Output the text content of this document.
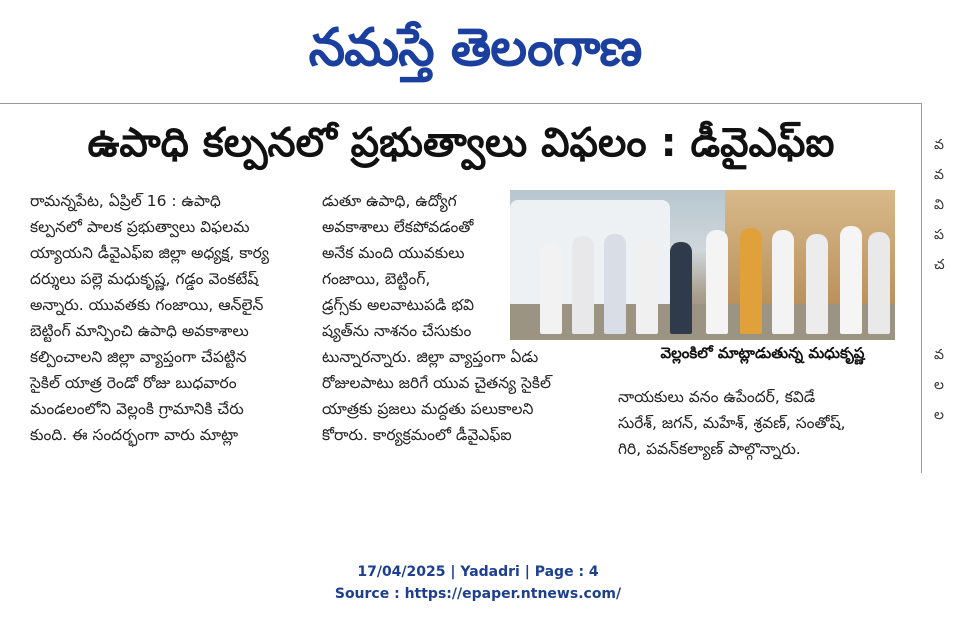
నమస్తే తెలంగాణ
ఉపాధి కల్పనలో ప్రభుత్వాలు విఫలం : డీవైఎఫ్ఐ
రామన్నపేట, ఏప్రిల్ 16 : ఉపాధి
కల్పనలో పాలక ప్రభుత్వాలు విఫలమ
య్యాయని డీవైఎఫ్ఐ జిల్లా అధ్యక్ష, కార్య
దర్శులు పల్లె మధుకృష్ణ, గడ్డం వెంకటేష్
అన్నారు. యువతకు గంజాయి, ఆన్‌లైన్
బెట్టింగ్ మాన్పించి ఉపాధి అవకాశాలు
కల్పించాలని జిల్లా వ్యాప్తంగా చేపట్టిన
సైకిల్ యాత్ర రెండో రోజు బుధవారం
మండలంలోని వెల్లంకి గ్రామానికి చేరు
కుంది. ఈ సందర్భంగా వారు మాట్లా
డుతూ ఉపాధి, ఉద్యోగ
అవకాశాలు లేకపోవడంతో
అనేక మంది యువకులు
గంజాయి, బెట్టింగ్,
డ్రగ్స్‌కు అలవాటుపడి భవి
ష్యత్‌ను నాశనం చేసుకుం
టున్నారన్నారు. జిల్లా వ్యాప్తంగా ఏడు
రోజులపాటు జరిగే యువ చైతన్య సైకిల్
యాత్రకు ప్రజలు మద్దతు పలుకాలని
కోరారు. కార్యక్రమంలో డీవైఎఫ్ఐ
వెల్లంకిలో మాట్లాడుతున్న మధుకృష్ణ
నాయకులు వనం ఉపేందర్, కవిడే
సురేశ్, జగన్, మహేశ్, శ్రవణ్, సంతోష్,
గిరి, పవన్‌కల్యాణ్ పాల్గొన్నారు.
వ
వ
వి
ప
చ
వ
ల
ల
17/04/2025 | Yadadri | Page : 4
Source : https://epaper.ntnews.com/
